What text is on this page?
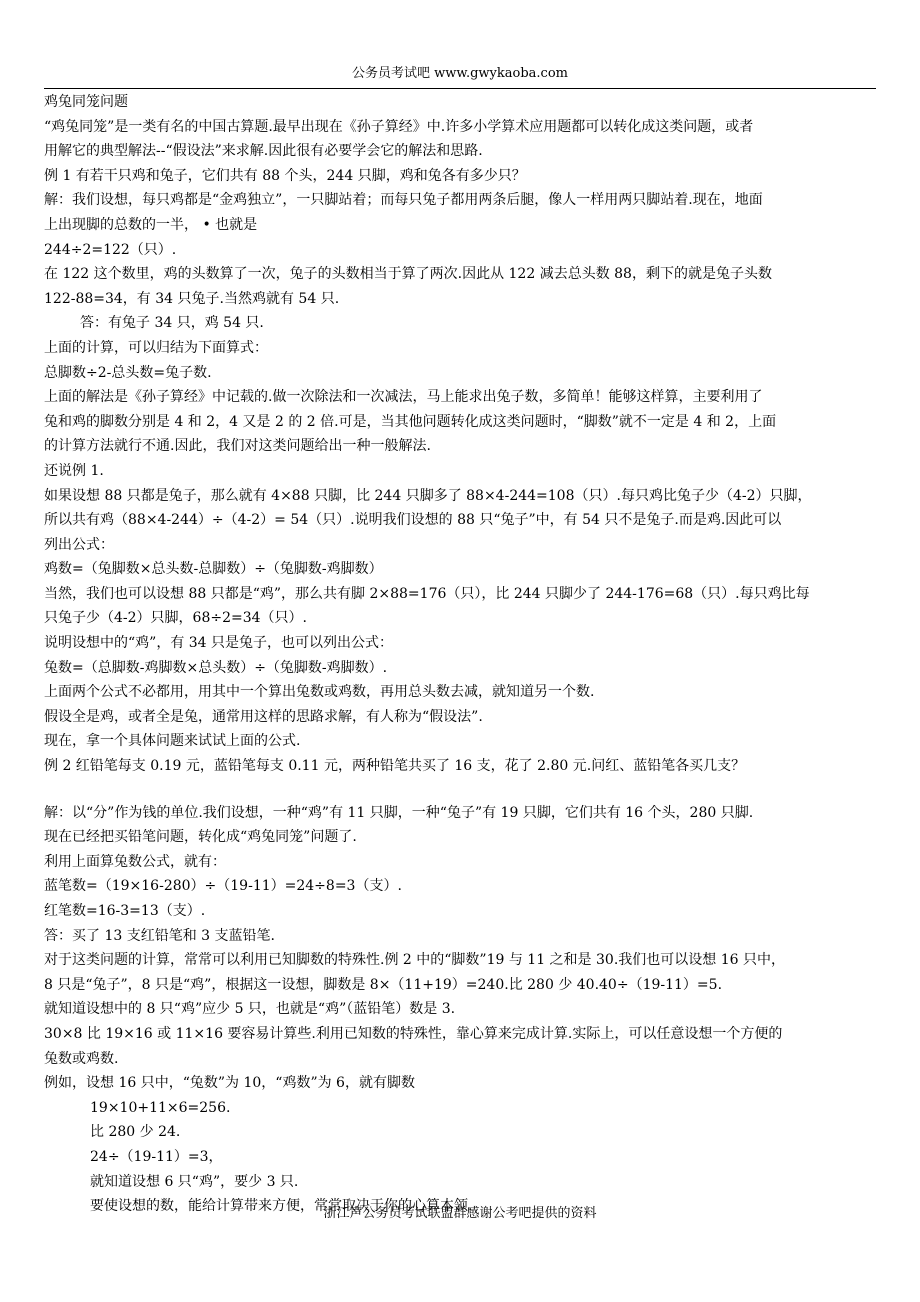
公务员考试吧 www.gwykaoba.com
鸡兔同笼问题
“鸡兔同笼”是一类有名的中国古算题.最早出现在《孙子算经》中.许多小学算术应用题都可以转化成这类问题，或者
用解它的典型解法--“假设法”来求解.因此很有必要学会它的解法和思路.
例 1 有若干只鸡和兔子，它们共有 88 个头，244 只脚，鸡和兔各有多少只？
解：我们设想，每只鸡都是“金鸡独立”，一只脚站着；而每只兔子都用两条后腿，像人一样用两只脚站着.现在，地面
上出现脚的总数的一半， • 也就是
244÷2=122（只）.
在 122 这个数里，鸡的头数算了一次，兔子的头数相当于算了两次.因此从 122 减去总头数 88，剩下的就是兔子头数
122-88=34，有 34 只兔子.当然鸡就有 54 只.
答：有兔子 34 只，鸡 54 只.
上面的计算，可以归结为下面算式：
总脚数÷2-总头数=兔子数.
上面的解法是《孙子算经》中记载的.做一次除法和一次减法，马上能求出兔子数，多简单！能够这样算，主要利用了
兔和鸡的脚数分别是 4 和 2，4 又是 2 的 2 倍.可是，当其他问题转化成这类问题时，“脚数”就不一定是 4 和 2，上面
的计算方法就行不通.因此，我们对这类问题给出一种一般解法.
还说例 1.
如果设想 88 只都是兔子，那么就有 4×88 只脚，比 244 只脚多了 88×4-244=108（只）.每只鸡比兔子少（4-2）只脚，
所以共有鸡（88×4-244）÷（4-2）= 54（只）.说明我们设想的 88 只“兔子”中，有 54 只不是兔子.而是鸡.因此可以
列出公式：
鸡数=（兔脚数×总头数-总脚数）÷（兔脚数-鸡脚数）
当然，我们也可以设想 88 只都是“鸡”，那么共有脚 2×88=176（只），比 244 只脚少了 244-176=68（只）.每只鸡比每
只兔子少（4-2）只脚，68÷2=34（只）.
说明设想中的“鸡”，有 34 只是兔子，也可以列出公式：
兔数=（总脚数-鸡脚数×总头数）÷（兔脚数-鸡脚数）.
上面两个公式不必都用，用其中一个算出兔数或鸡数，再用总头数去减，就知道另一个数.
假设全是鸡，或者全是兔，通常用这样的思路求解，有人称为“假设法”.
现在，拿一个具体问题来试试上面的公式.
例 2 红铅笔每支 0.19 元，蓝铅笔每支 0.11 元，两种铅笔共买了 16 支，花了 2.80 元.问红、蓝铅笔各买几支？
解：以“分”作为钱的单位.我们设想，一种“鸡”有 11 只脚，一种“兔子”有 19 只脚，它们共有 16 个头，280 只脚.
现在已经把买铅笔问题，转化成“鸡兔同笼”问题了.
利用上面算兔数公式，就有：
蓝笔数=（19×16-280）÷（19-11）=24÷8=3（支）.
红笔数=16-3=13（支）.
答：买了 13 支红铅笔和 3 支蓝铅笔.
对于这类问题的计算，常常可以利用已知脚数的特殊性.例 2 中的“脚数”19 与 11 之和是 30.我们也可以设想 16 只中，
8 只是“兔子”，8 只是“鸡”，根据这一设想，脚数是 8×（11+19）=240.比 280 少 40.40÷（19-11）=5.
就知道设想中的 8 只“鸡”应少 5 只，也就是“鸡”（蓝铅笔）数是 3.
30×8 比 19×16 或 11×16 要容易计算些.利用已知数的特殊性，靠心算来完成计算.实际上，可以任意设想一个方便的
兔数或鸡数.
例如，设想 16 只中，“兔数”为 10，“鸡数”为 6，就有脚数
19×10+11×6=256.
比 280 少 24.
24÷（19-11）=3，
就知道设想 6 只“鸡”，要少 3 只.
要使设想的数，能给计算带来方便，常常取决于你的心算本领.
浙江声公务员考试联盟群感谢公考吧提供的资料
